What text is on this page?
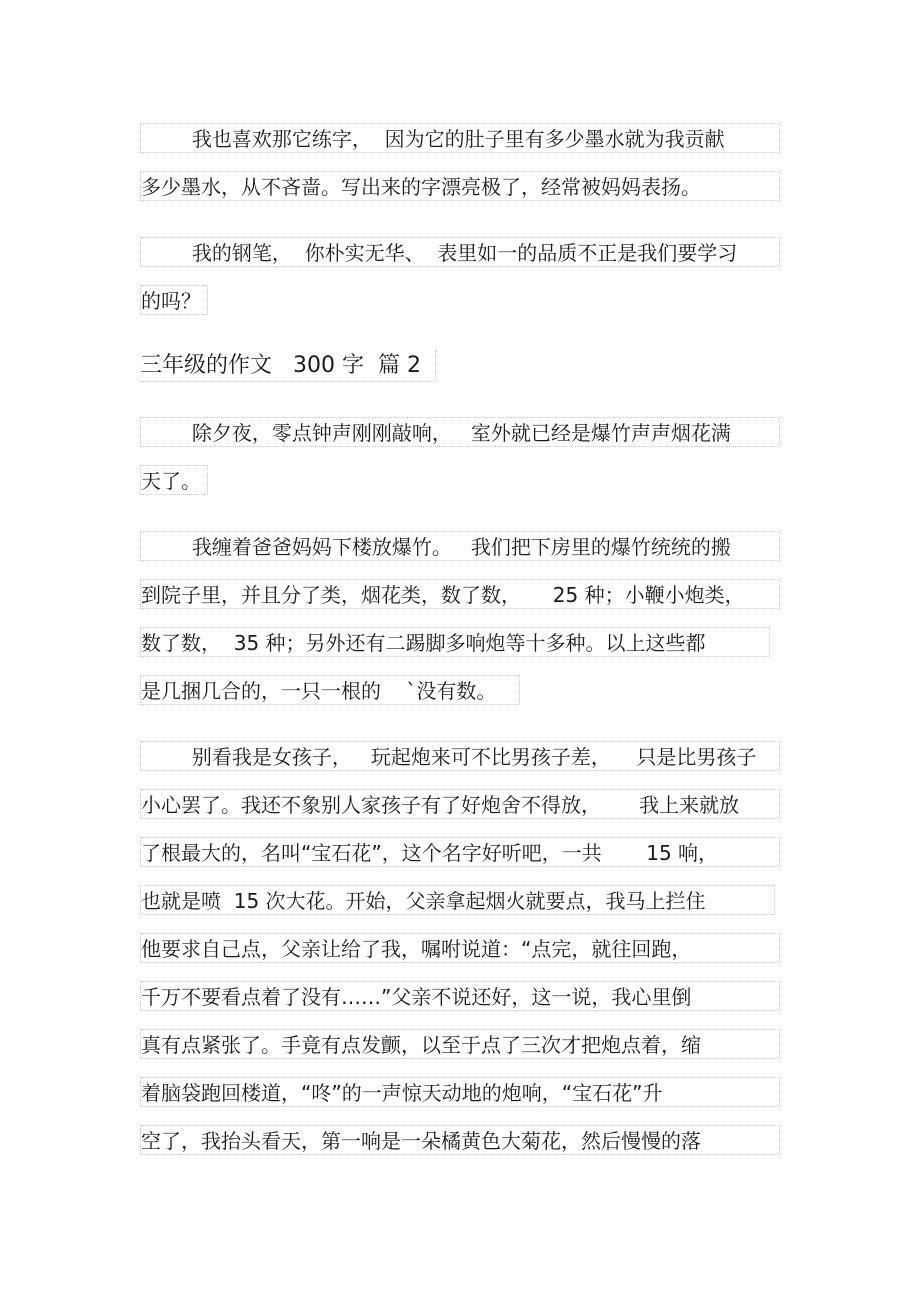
我也喜欢那它练字，  因为它的肚子里有多少墨水就为我贡献
多少墨水，从不吝啬。写出来的字漂亮极了，经常被妈妈表扬。
我的钢笔，  你朴实无华、  表里如一的品质不正是我们要学习
的吗？
三年级的作文   300 字  篇 2
除夕夜，零点钟声刚刚敲响，   室外就已经是爆竹声声烟花满
天了。
我缠着爸爸妈妈下楼放爆竹。   我们把下房里的爆竹统统的搬
到院子里，并且分了类，烟花类，数了数，     25 种；小鞭小炮类，
数了数，  35 种；另外还有二踢脚多响炮等十多种。以上这些都
是几捆几合的，一只一根的    `没有数。
别看我是女孩子，   玩起炮来可不比男孩子差，    只是比男孩子
小心罢了。我还不象别人家孩子有了好炮舍不得放，      我上来就放
了根最大的，名叫“宝石花”，这个名字好听吧，一共       15 响，
也就是喷  15 次大花。开始，父亲拿起烟火就要点，我马上拦住
他要求自己点，父亲让给了我，嘱咐说道：“点完，就往回跑，
千万不要看点着了没有……”父亲不说还好，这一说，我心里倒
真有点紧张了。手竟有点发颤，以至于点了三次才把炮点着，缩
着脑袋跑回楼道，“咚”的一声惊天动地的炮响，“宝石花”升
空了，我抬头看天，第一响是一朵橘黄色大菊花，然后慢慢的落
